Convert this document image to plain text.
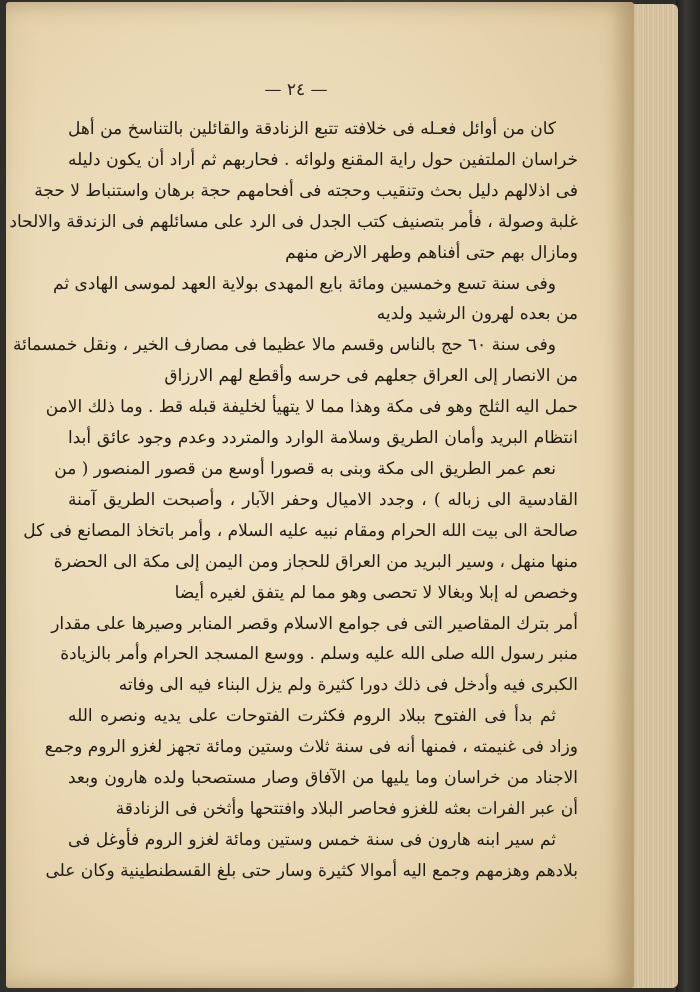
— ٢٤ —
كان من أوائل فعـله فى خلافته تتبع الزنادقة والقائلين بالتناسخ من أهل
خراسان الملتفين حول راية المقنع ولوائه . فحاربهم ثم أراد أن يكون دليله
فى اذلالهم دليل بحث وتنقيب وحجته فى أفحامهم حجة برهان واستنباط لا حجة
غلبة وصولة ، فأمر بتصنيف كتب الجدل فى الرد على مسائلهم فى الزندقة والالحاد
ومازال بهم حتى أفناهم وطهر الارض منهم
وفى سنة تسع وخمسين ومائة بايع المهدى بولاية العهد لموسى الهادى ثم
من بعده لهرون الرشيد ولديه
وفى سنة ٦٠ حج بالناس وقسم مالا عظيما فى مصارف الخير ، ونقل خمسمائة
من الانصار إلى العراق جعلهم فى حرسه وأقطع لهم الارزاق
حمل اليه الثلج وهو فى مكة وهذا مما لا يتهيأ لخليفة قبله قط . وما ذلك الامن
انتظام البريد وأمان الطريق وسلامة الوارد والمتردد وعدم وجود عائق أبدا
نعم عمر الطريق الى مكة وبنى به قصورا أوسع من قصور المنصور ( من
القادسية الى زباله ) ، وجدد الاميال وحفر الآبار ، وأصبحت الطريق آمنة
صالحة الى بيت الله الحرام ومقام نبيه عليه السلام ، وأمر باتخاذ المصانع فى كل
منها منهل ، وسير البريد من العراق للحجاز ومن اليمن إلى مكة الى الحضرة
وخصص له إبلا وبغالا لا تحصى وهو مما لم يتفق لغيره أيضا
أمر بترك المقاصير التى فى جوامع الاسلام وقصر المنابر وصيرها على مقدار
منبر رسول الله صلى الله عليه وسلم . ووسع المسجد الحرام وأمر بالزيادة
الكبرى فيه وأدخل فى ذلك دورا كثيرة ولم يزل البناء فيه الى وفاته
ثم بدأ فى الفتوح ببلاد الروم فكثرت الفتوحات على يديه ونصره الله
وزاد فى غنيمته ، فمنها أنه فى سنة ثلاث وستين ومائة تجهز لغزو الروم وجمع
الاجناد من خراسان وما يليها من الآفاق وصار مستصحبا ولده هارون وبعد
أن عبر الفرات بعثه للغزو فحاصر البلاد وافتتحها وأثخن فى الزنادقة
ثم سير ابنه هارون فى سنة خمس وستين ومائة لغزو الروم فأوغل فى
بلادهم وهزمهم وجمع اليه أموالا كثيرة وسار حتى بلغ القسطنطينية وكان على
